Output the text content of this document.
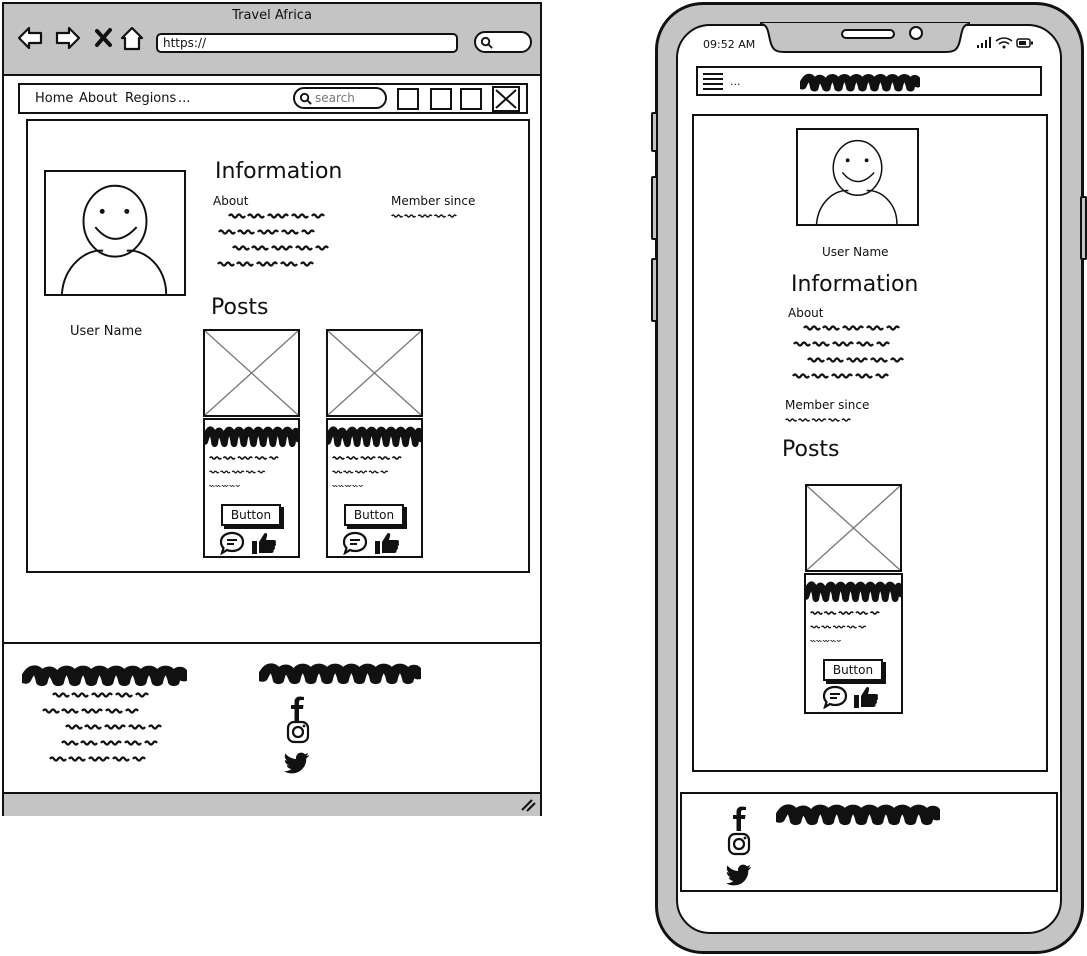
Travel Africa
https://
Home About Regions ...	search
User Name
Information
About	Member since
Posts
Button	Button
09:52 AM
...
User Name
Information
About
Member since
Posts
Button
